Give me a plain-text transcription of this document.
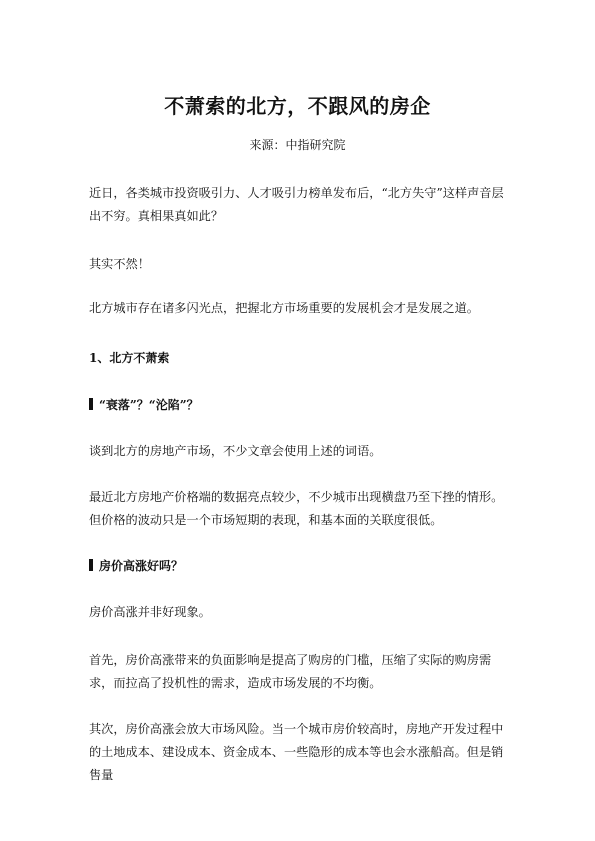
不萧索的北方，不跟风的房企
来源：中指研究院

近日，各类城市投资吸引力、人才吸引力榜单发布后，“北方失守”这样声音层出不穷。真相果真如此？

其实不然！

北方城市存在诸多闪光点，把握北方市场重要的发展机会才是发展之道。

1、北方不萧索

“衰落”？“沦陷”？

谈到北方的房地产市场，不少文章会使用上述的词语。

最近北方房地产价格端的数据亮点较少，不少城市出现横盘乃至下挫的情形。但价格的波动只是一个市场短期的表现，和基本面的关联度很低。

房价高涨好吗？

房价高涨并非好现象。

首先，房价高涨带来的负面影响是提高了购房的门槛，压缩了实际的购房需求，而拉高了投机性的需求，造成市场发展的不均衡。

其次，房价高涨会放大市场风险。当一个城市房价较高时，房地产开发过程中的土地成本、建设成本、资金成本、一些隐形的成本等也会水涨船高。但是销售量
